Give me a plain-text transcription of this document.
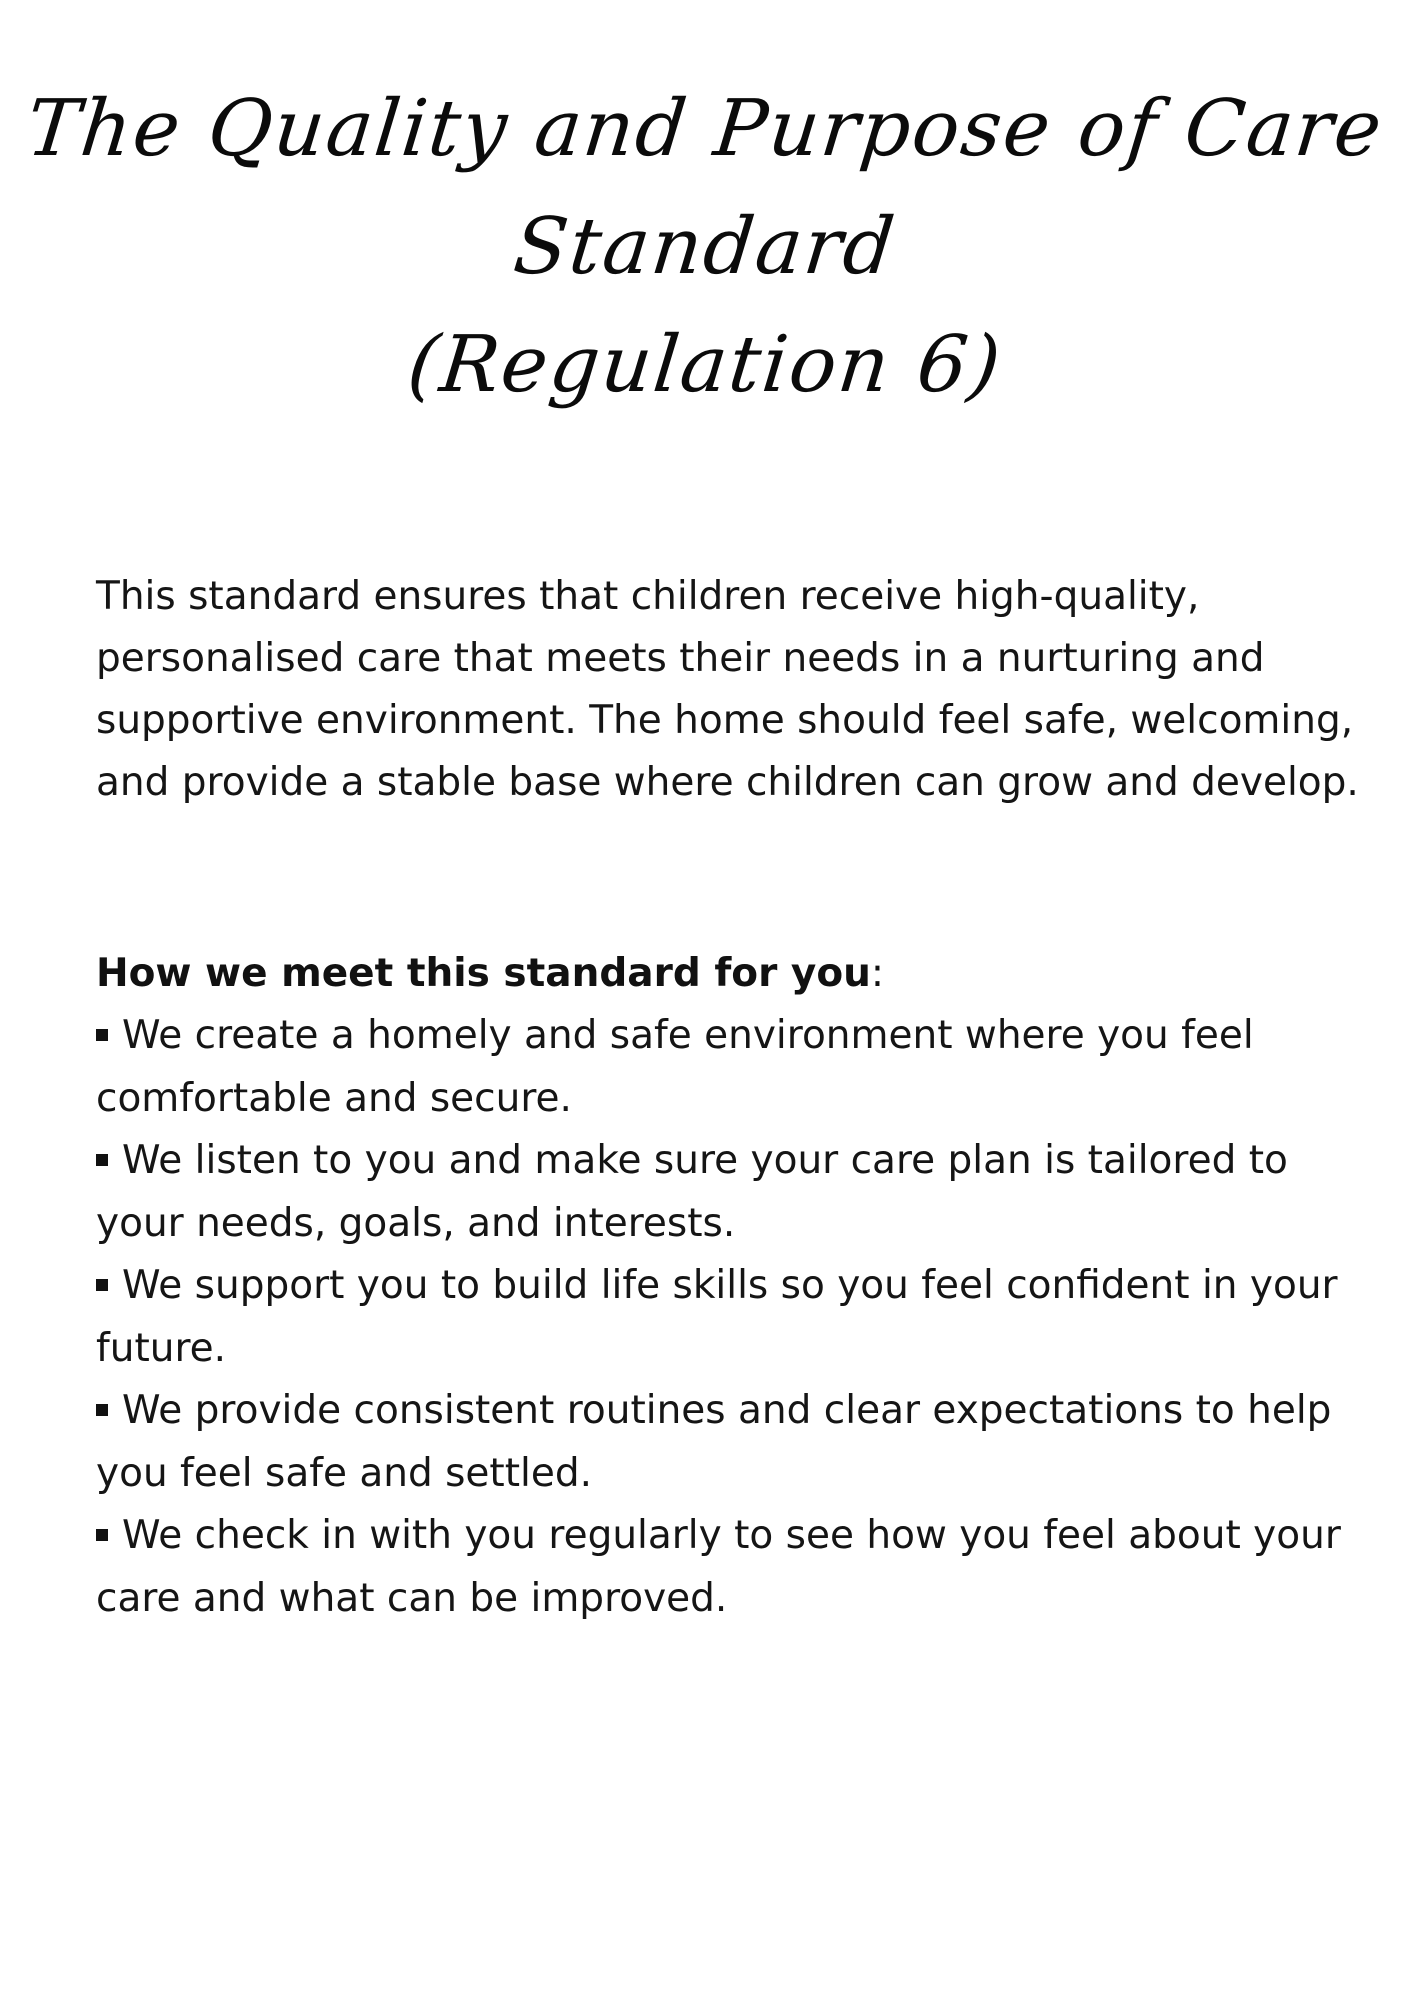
The Quality and Purpose of Care
Standard
(Regulation 6)

This standard ensures that children receive high-quality,
personalised care that meets their needs in a nurturing and
supportive environment. The home should feel safe, welcoming,
and provide a stable base where children can grow and develop.

How we meet this standard for you:
We create a homely and safe environment where you feel
comfortable and secure.
We listen to you and make sure your care plan is tailored to
your needs, goals, and interests.
We support you to build life skills so you feel confident in your
future.
We provide consistent routines and clear expectations to help
you feel safe and settled.
We check in with you regularly to see how you feel about your
care and what can be improved.
